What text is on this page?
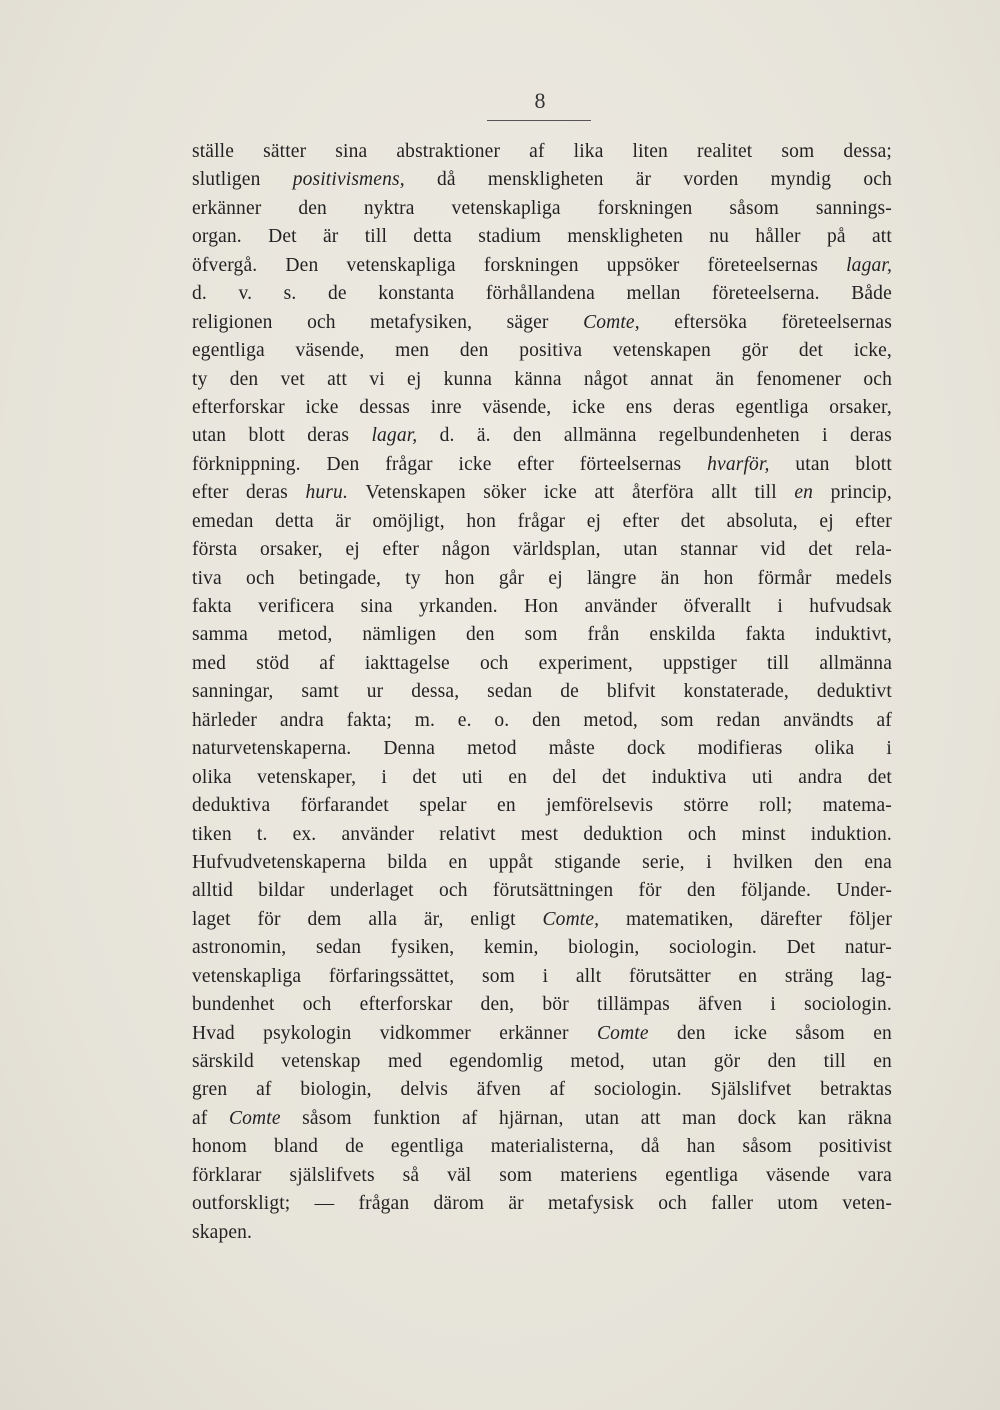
8
ställe sätter sina abstraktioner af lika liten realitet som dessa;
slutligen positivismens, då menskligheten är vorden myndig och
erkänner den nyktra vetenskapliga forskningen såsom sannings-
organ. Det är till detta stadium menskligheten nu håller på att
öfvergå. Den vetenskapliga forskningen uppsöker företeelsernas lagar,
d. v. s. de konstanta förhållandena mellan företeelserna. Både
religionen och metafysiken, säger Comte, eftersöka företeelsernas
egentliga väsende, men den positiva vetenskapen gör det icke,
ty den vet att vi ej kunna känna något annat än fenomener och
efterforskar icke dessas inre väsende, icke ens deras egentliga orsaker,
utan blott deras lagar, d. ä. den allmänna regelbundenheten i deras
förknippning. Den frågar icke efter förteelsernas hvarför, utan blott
efter deras huru. Vetenskapen söker icke att återföra allt till en princip,
emedan detta är omöjligt, hon frågar ej efter det absoluta, ej efter
första orsaker, ej efter någon världsplan, utan stannar vid det rela-
tiva och betingade, ty hon går ej längre än hon förmår medels
fakta verificera sina yrkanden. Hon använder öfverallt i hufvudsak
samma metod, nämligen den som från enskilda fakta induktivt,
med stöd af iakttagelse och experiment, uppstiger till allmänna
sanningar, samt ur dessa, sedan de blifvit konstaterade, deduktivt
härleder andra fakta; m. e. o. den metod, som redan användts af
naturvetenskaperna. Denna metod måste dock modifieras olika i
olika vetenskaper, i det uti en del det induktiva uti andra det
deduktiva förfarandet spelar en jemförelsevis större roll; matema-
tiken t. ex. använder relativt mest deduktion och minst induktion.
Hufvudvetenskaperna bilda en uppåt stigande serie, i hvilken den ena
alltid bildar underlaget och förutsättningen för den följande. Under-
laget för dem alla är, enligt Comte, matematiken, därefter följer
astronomin, sedan fysiken, kemin, biologin, sociologin. Det natur-
vetenskapliga förfaringssättet, som i allt förutsätter en sträng lag-
bundenhet och efterforskar den, bör tillämpas äfven i sociologin.
Hvad psykologin vidkommer erkänner Comte den icke såsom en
särskild vetenskap med egendomlig metod, utan gör den till en
gren af biologin, delvis äfven af sociologin. Själslifvet betraktas
af Comte såsom funktion af hjärnan, utan att man dock kan räkna
honom bland de egentliga materialisterna, då han såsom positivist
förklarar själslifvets så väl som materiens egentliga väsende vara
outforskligt; — frågan därom är metafysisk och faller utom veten-
skapen.
